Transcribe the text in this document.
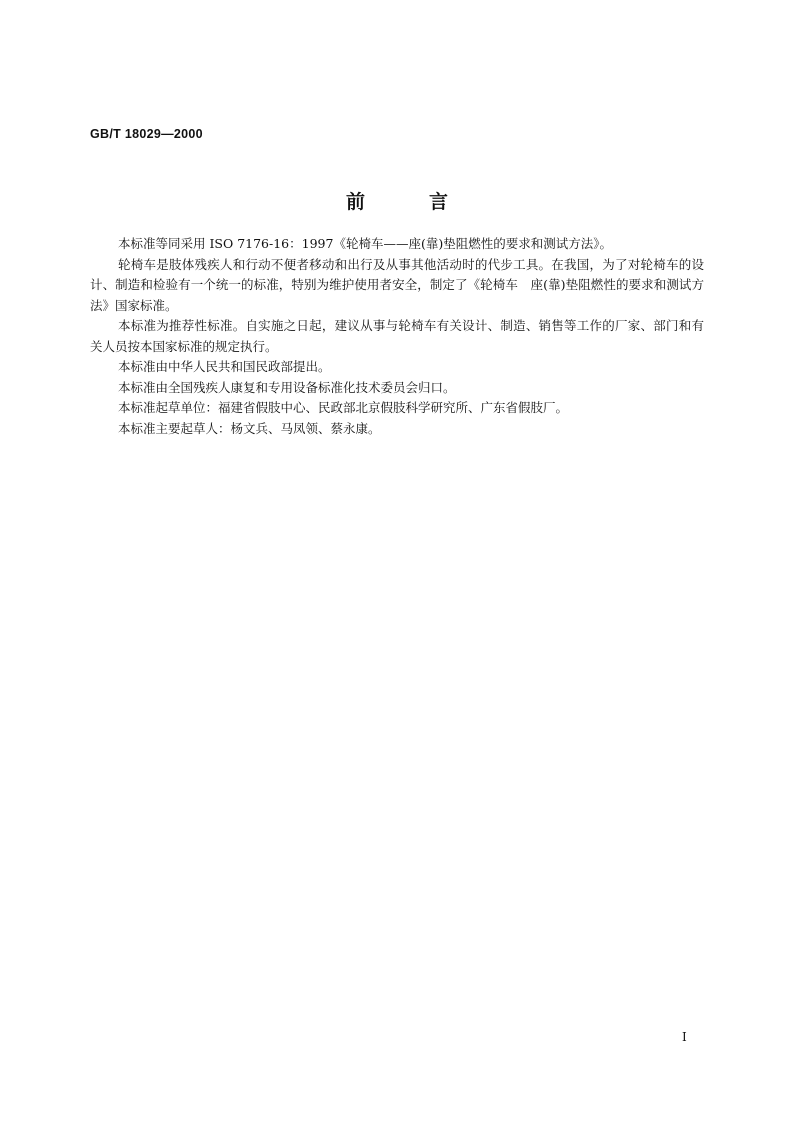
GB/T 18029—2000
前言

本标准等同采用 ISO 7176-16：1997《轮椅车——座(靠)垫阻燃性的要求和测试方法》。

轮椅车是肢体残疾人和行动不便者移动和出行及从事其他活动时的代步工具。在我国，为了对轮椅车的设计、制造和检验有一个统一的标准，特别为维护使用者安全，制定了《轮椅车　座(靠)垫阻燃性的要求和测试方法》国家标准。

本标准为推荐性标准。自实施之日起，建议从事与轮椅车有关设计、制造、销售等工作的厂家、部门和有关人员按本国家标准的规定执行。

本标准由中华人民共和国民政部提出。

本标准由全国残疾人康复和专用设备标准化技术委员会归口。

本标准起草单位：福建省假肢中心、民政部北京假肢科学研究所、广东省假肢厂。

本标准主要起草人：杨文兵、马凤领、蔡永康。

I
